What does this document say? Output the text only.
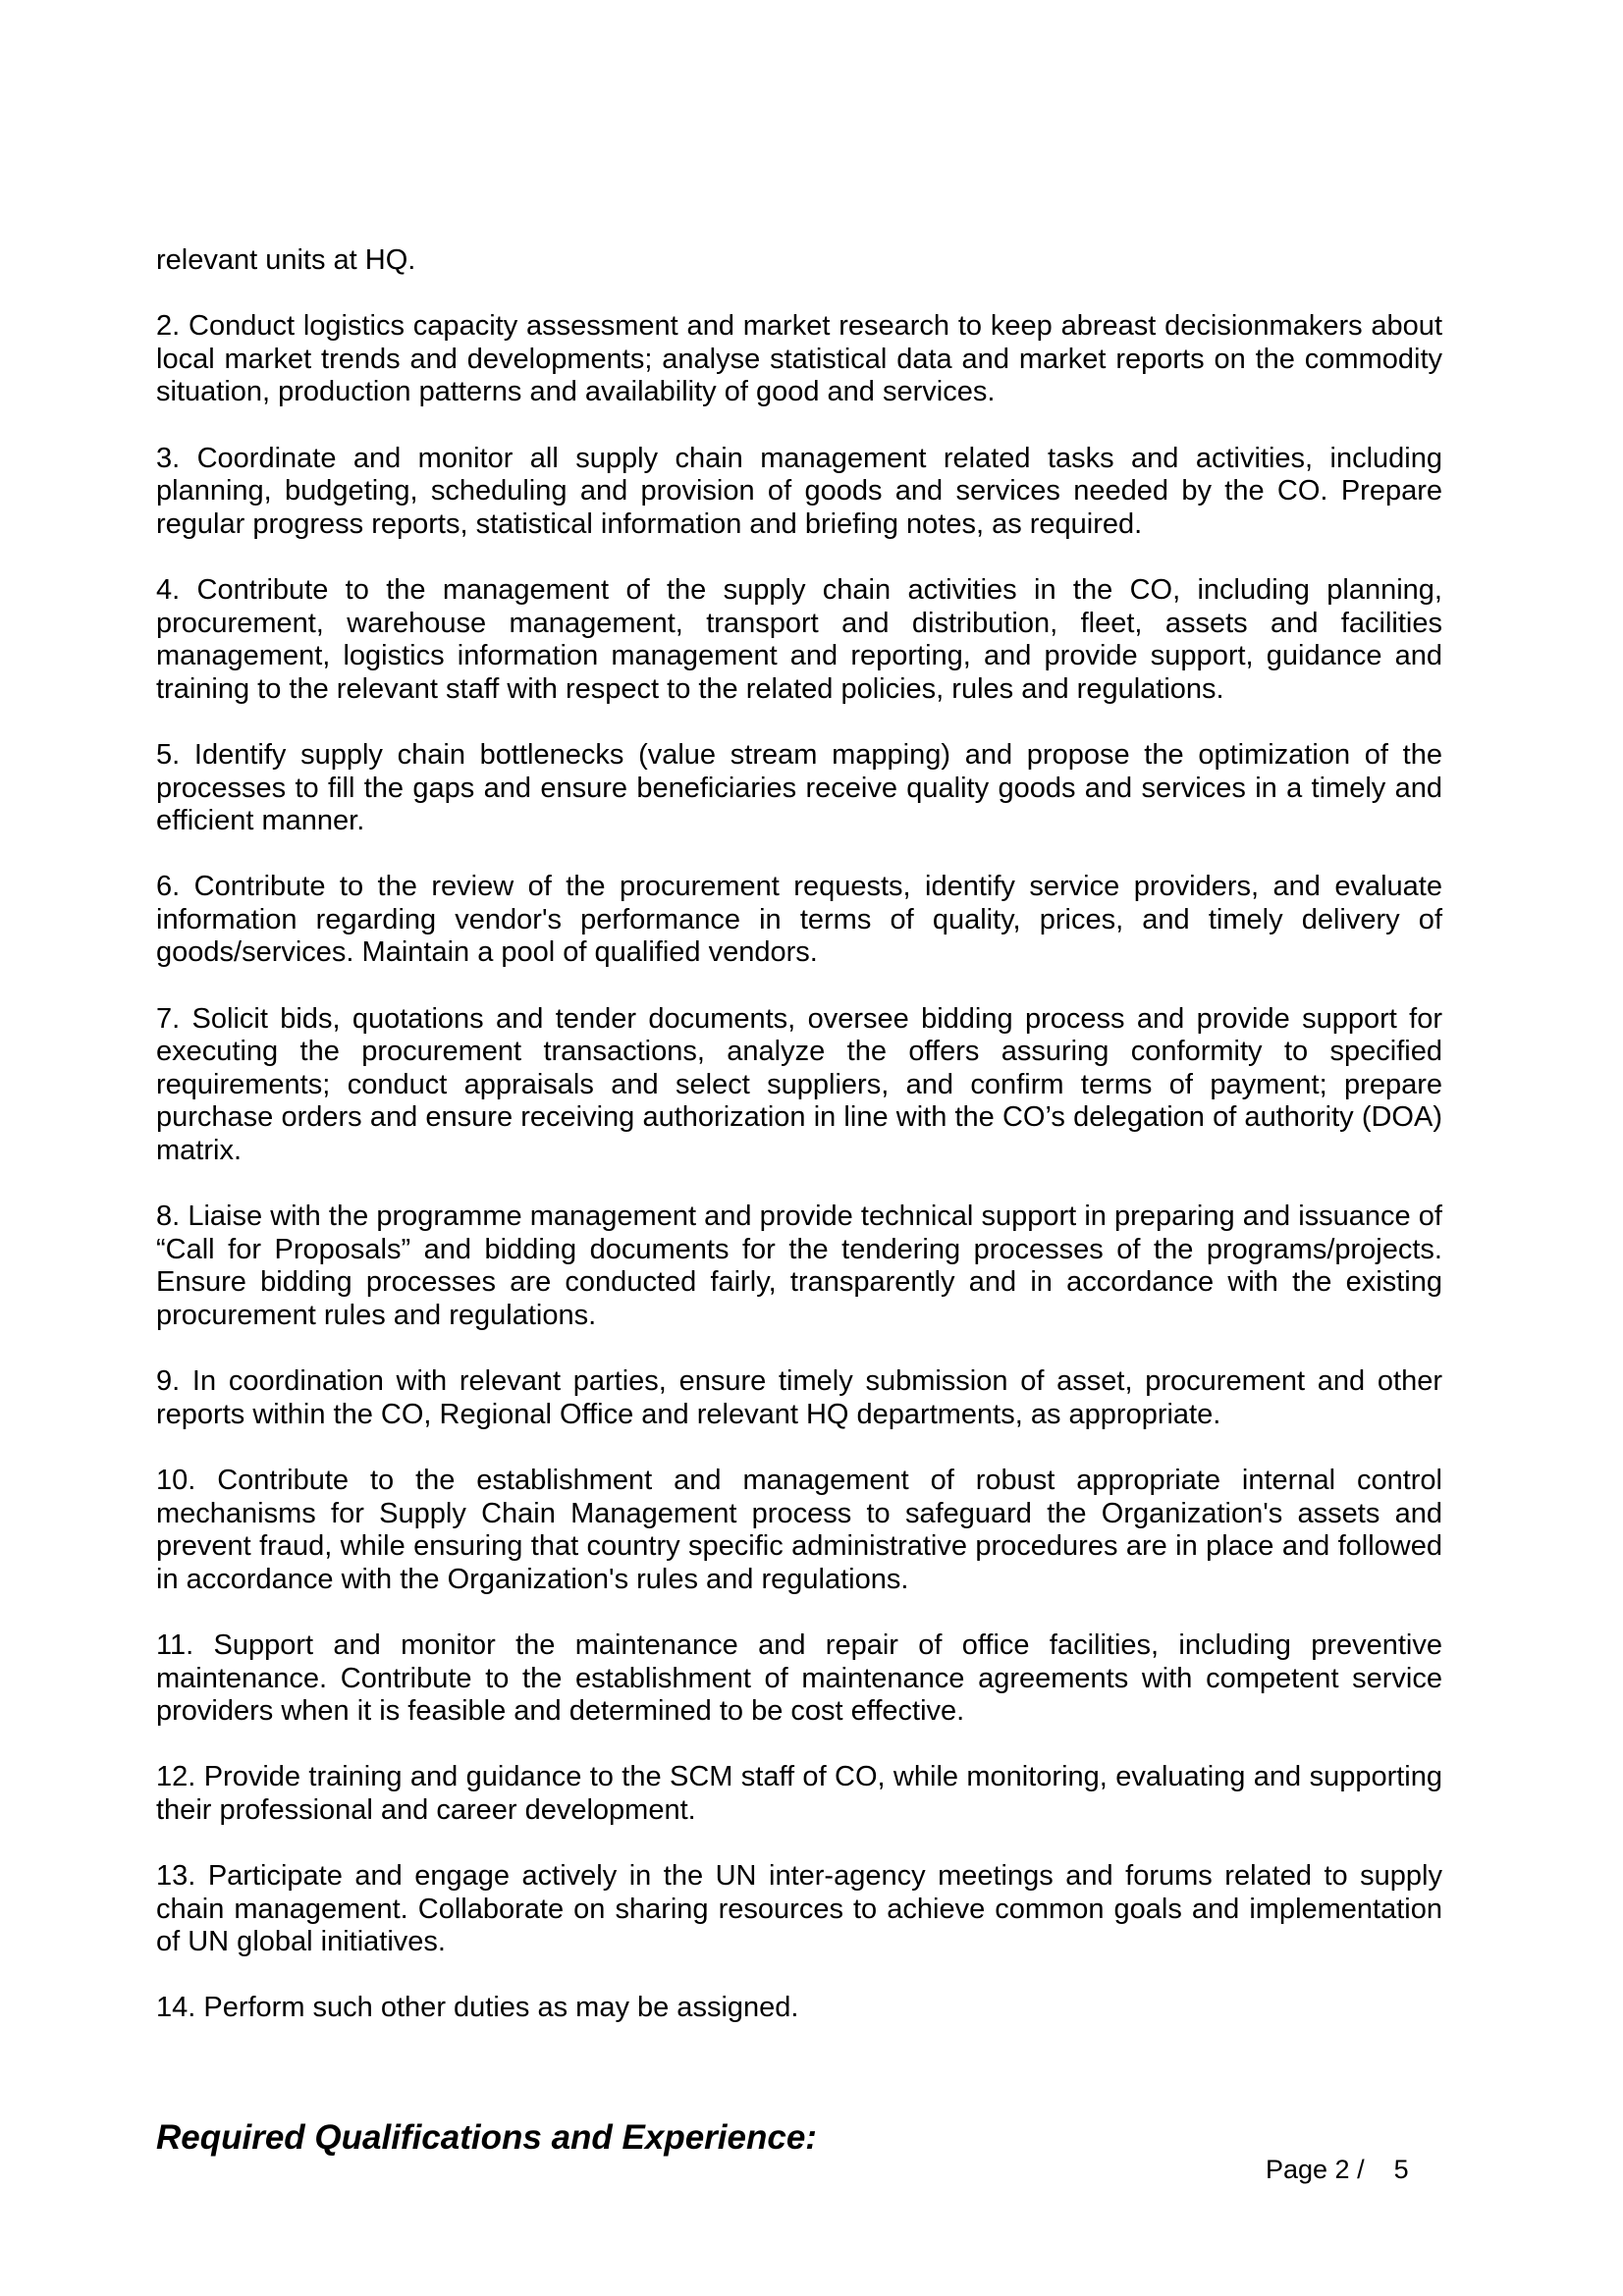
relevant units at HQ.

2. Conduct logistics capacity assessment and market research to keep abreast decisionmakers about local market trends and developments; analyse statistical data and market reports on the commodity situation, production patterns and availability of good and services.

3. Coordinate and monitor all supply chain management related tasks and activities, including planning, budgeting, scheduling and provision of goods and services needed by the CO. Prepare regular progress reports, statistical information and briefing notes, as required.

4. Contribute to the management of the supply chain activities in the CO, including planning, procurement, warehouse management, transport and distribution, fleet, assets and facilities management, logistics information management and reporting, and provide support, guidance and training to the relevant staff with respect to the related policies, rules and regulations.

5. Identify supply chain bottlenecks (value stream mapping) and propose the optimization of the processes to fill the gaps and ensure beneficiaries receive quality goods and services in a timely and efficient manner.

6. Contribute to the review of the procurement requests, identify service providers, and evaluate information regarding vendor's performance in terms of quality, prices, and timely delivery of goods/services. Maintain a pool of qualified vendors.

7. Solicit bids, quotations and tender documents, oversee bidding process and provide support for executing the procurement transactions, analyze the offers assuring conformity to specified requirements; conduct appraisals and select suppliers, and confirm terms of payment; prepare purchase orders and ensure receiving authorization in line with the CO’s delegation of authority (DOA) matrix.

8. Liaise with the programme management and provide technical support in preparing and issuance of “Call for Proposals” and bidding documents for the tendering processes of the programs/projects. Ensure bidding processes are conducted fairly, transparently and in accordance with the existing procurement rules and regulations.

9. In coordination with relevant parties, ensure timely submission of asset, procurement and other reports within the CO, Regional Office and relevant HQ departments, as appropriate.

10. Contribute to the establishment and management of robust appropriate internal control mechanisms for Supply Chain Management process to safeguard the Organization's assets and prevent fraud, while ensuring that country specific administrative procedures are in place and followed in accordance with the Organization's rules and regulations.

11. Support and monitor the maintenance and repair of office facilities, including preventive maintenance. Contribute to the establishment of maintenance agreements with competent service providers when it is feasible and determined to be cost effective.

12. Provide training and guidance to the SCM staff of CO, while monitoring, evaluating and supporting their professional and career development.

13. Participate and engage actively in the UN inter-agency meetings and forums related to supply chain management. Collaborate on sharing resources to achieve common goals and implementation of UN global initiatives.

14. Perform such other duties as may be assigned.

Required Qualifications and Experience:
Page 2 /    5
